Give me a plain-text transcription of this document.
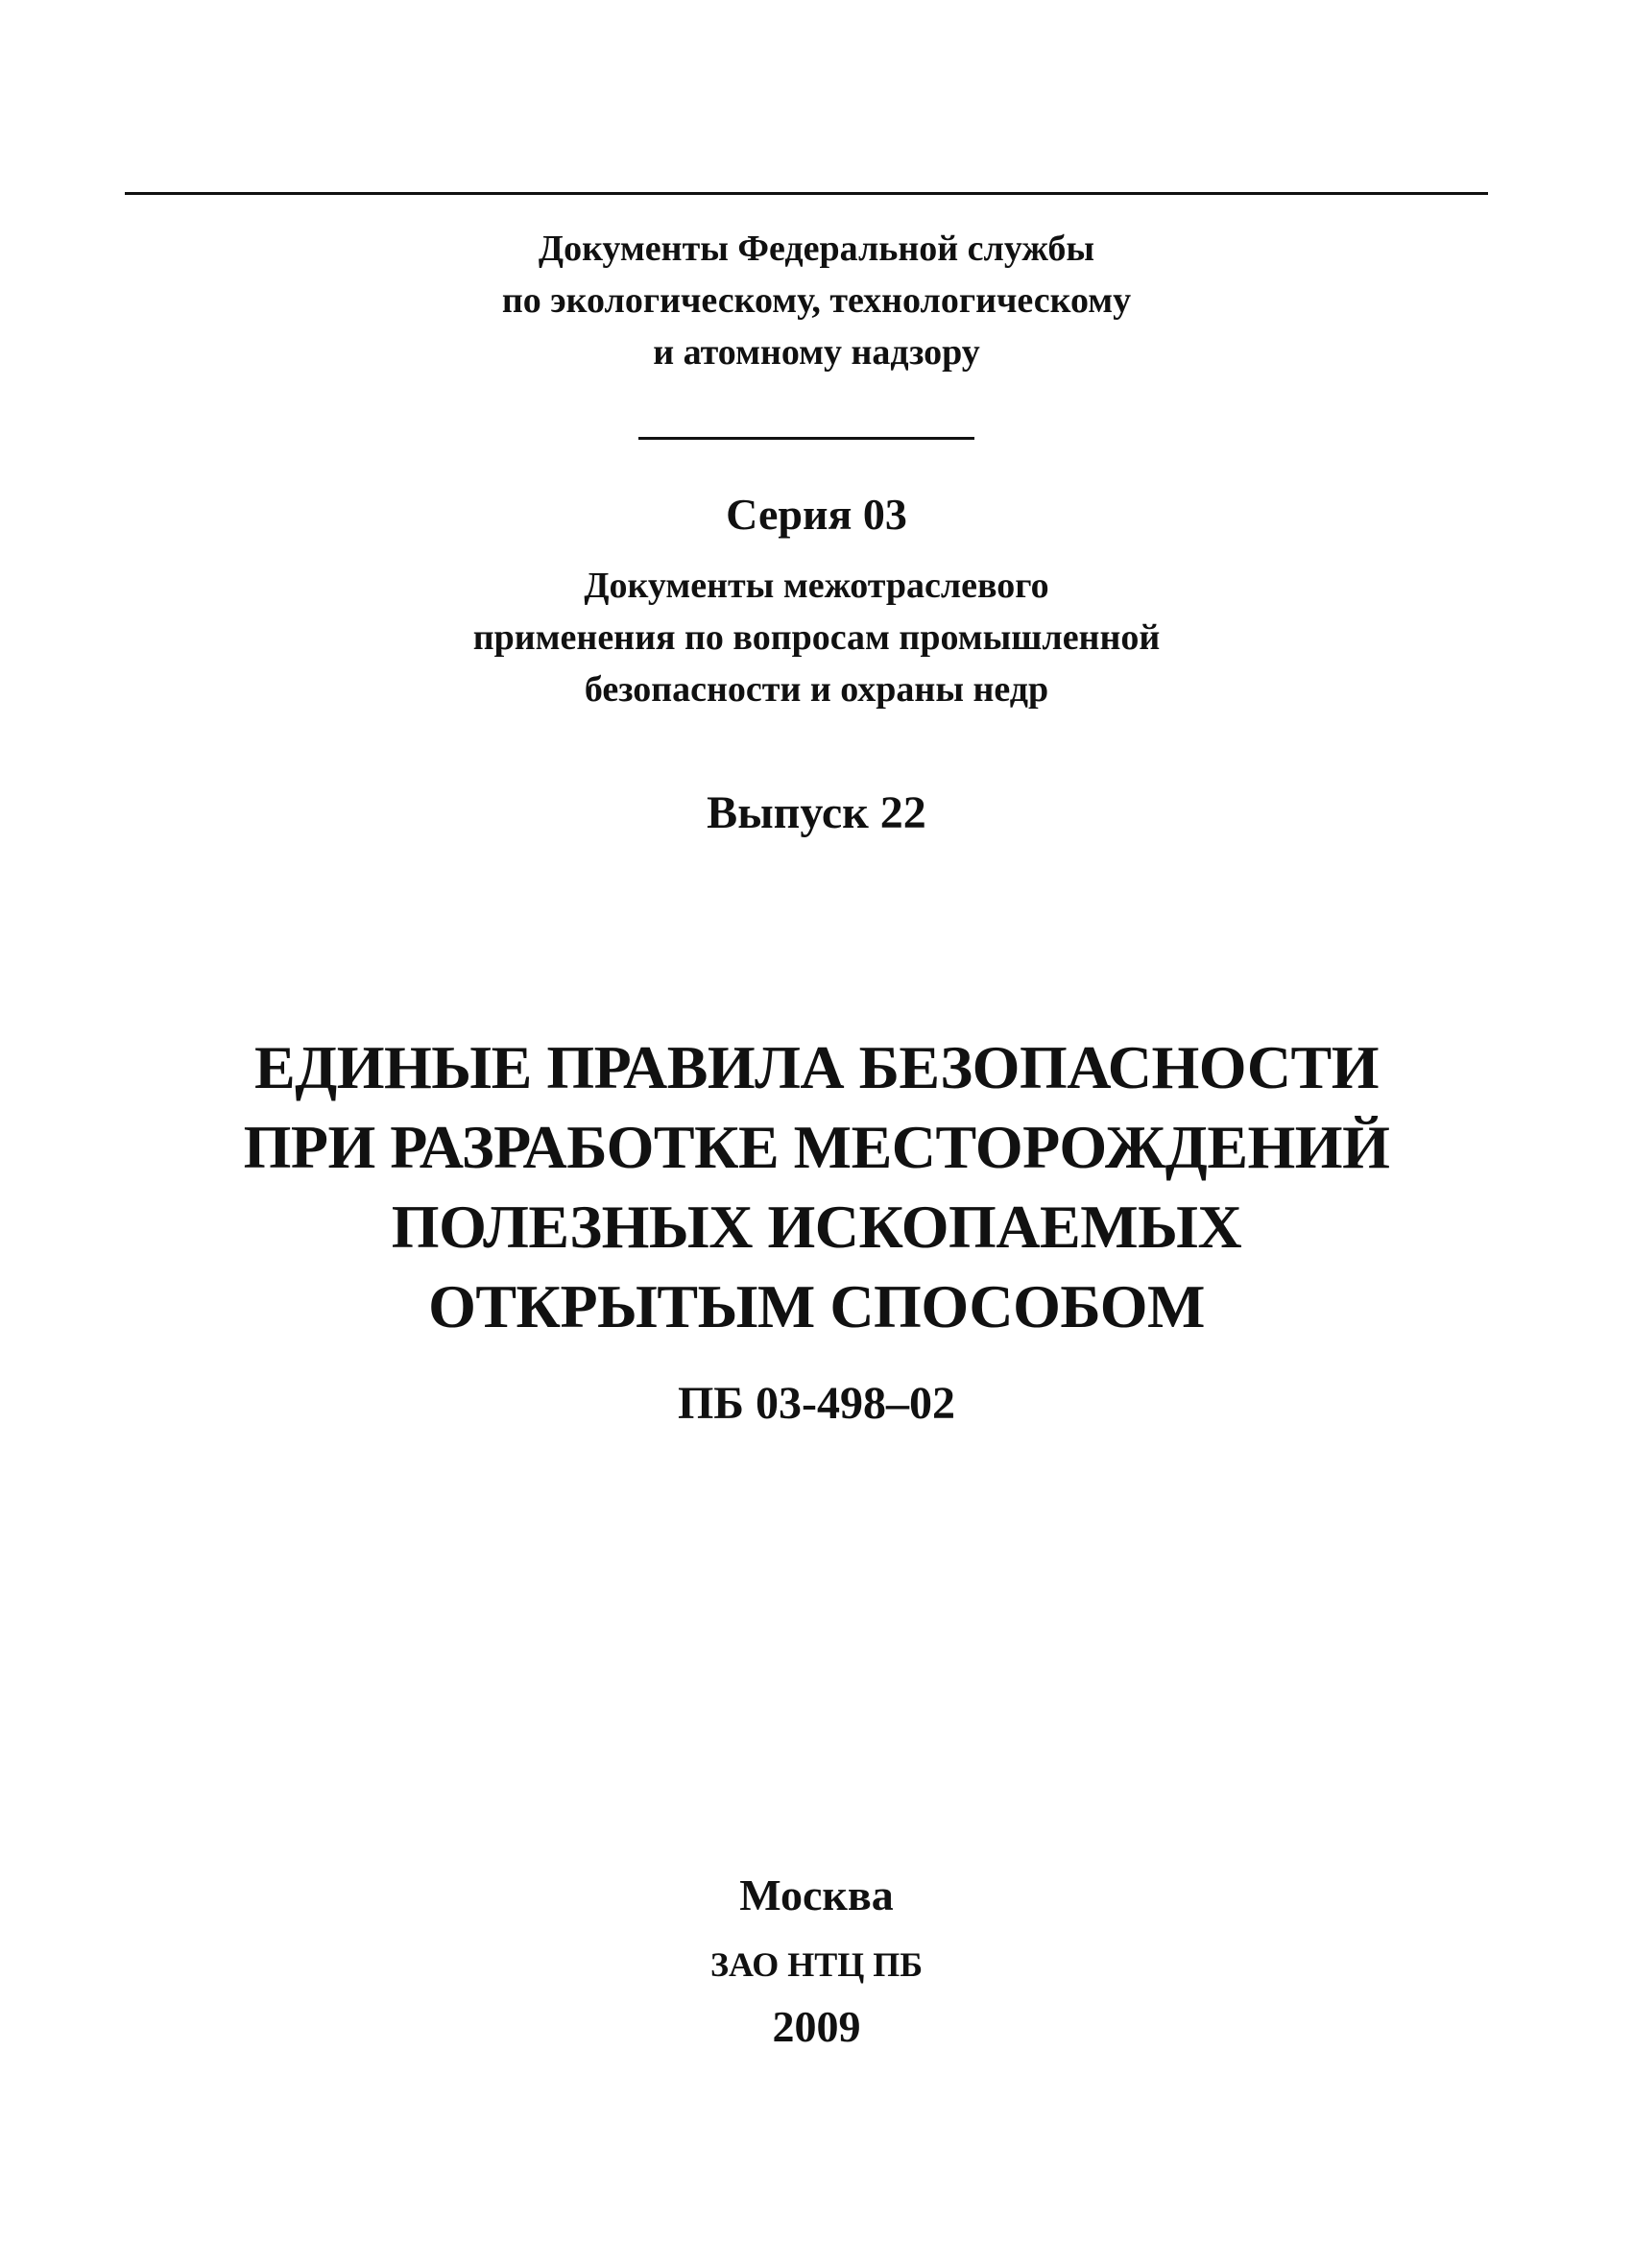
Документы Федеральной службы
по экологическому, технологическому
и атомному надзору
Серия 03
Документы межотраслевого
применения по вопросам промышленной
безопасности и охраны недр
Выпуск 22
ЕДИНЫЕ ПРАВИЛА БЕЗОПАСНОСТИ
ПРИ РАЗРАБОТКЕ МЕСТОРОЖДЕНИЙ
ПОЛЕЗНЫХ ИСКОПАЕМЫХ
ОТКРЫТЫМ СПОСОБОМ
ПБ 03-498–02
Москва
ЗАО НТЦ ПБ
2009
